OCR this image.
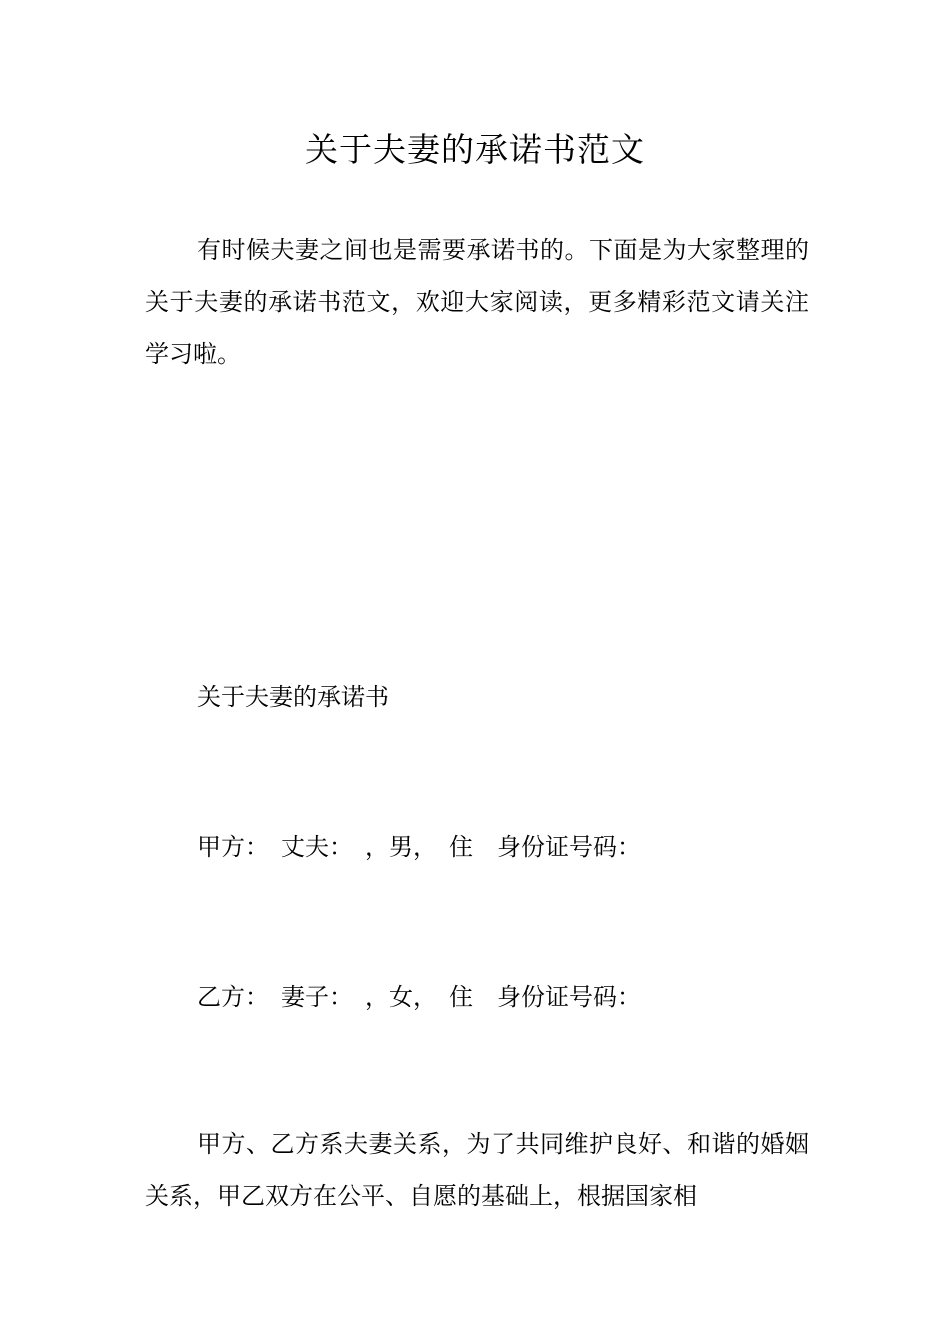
关于夫妻的承诺书范文

有时候夫妻之间也是需要承诺书的。下面是为大家整理的关于夫妻的承诺书范文，欢迎大家阅读，更多精彩范文请关注学习啦。

关于夫妻的承诺书

甲方：　丈夫：　，男，　住　身份证号码：

乙方：　妻子：　，女，　住　身份证号码：

甲方、乙方系夫妻关系，为了共同维护良好、和谐的婚姻关系，甲乙双方在公平、自愿的基础上，根据国家相
